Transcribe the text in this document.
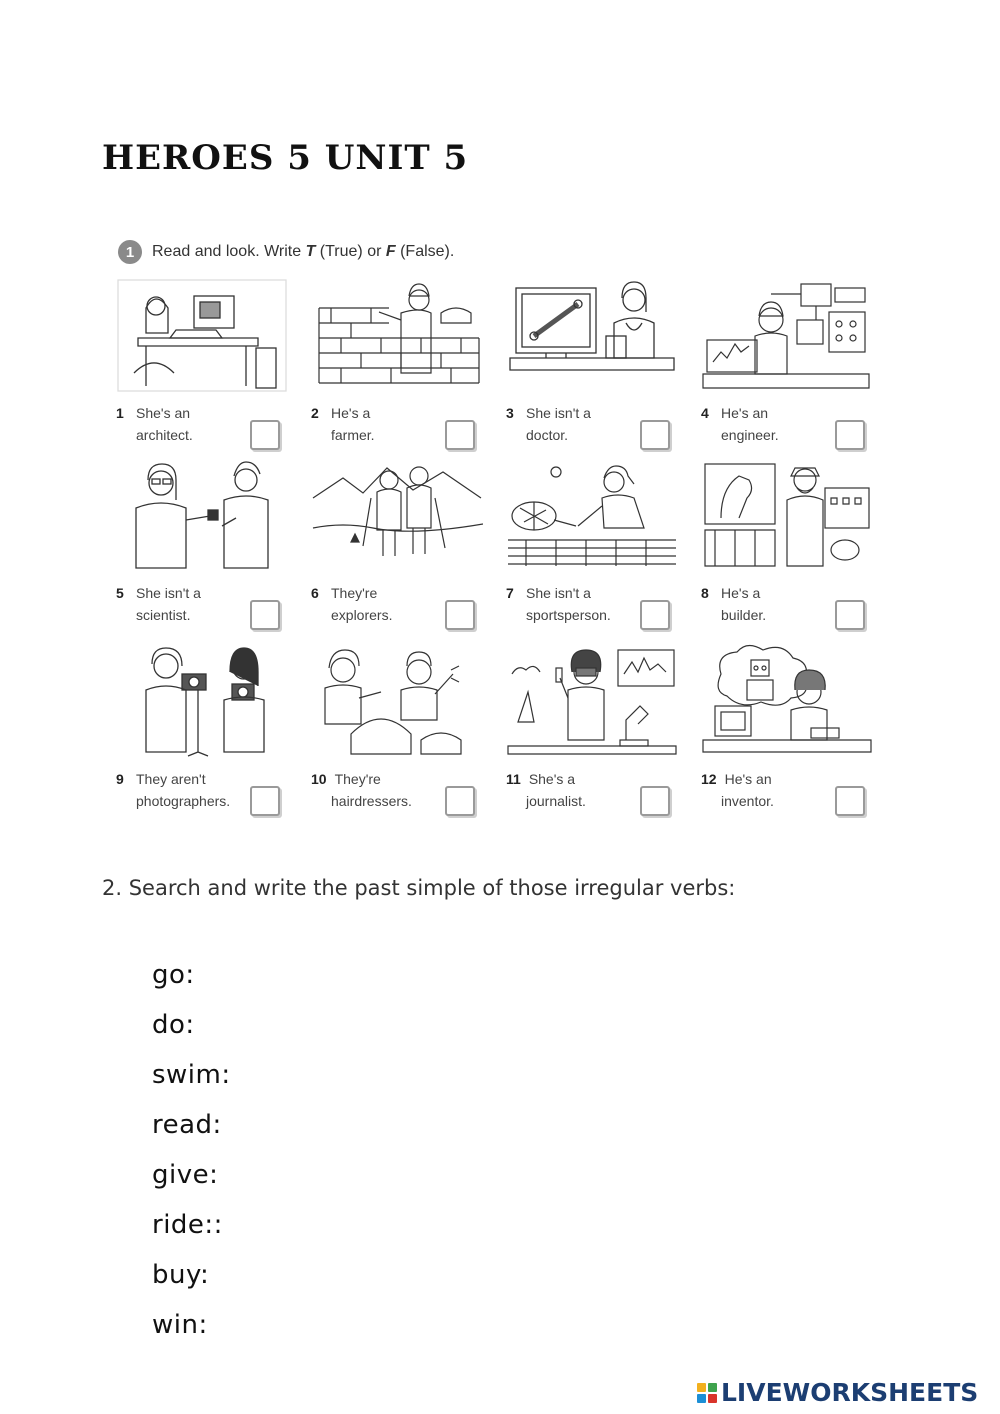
HEROES 5 UNIT 5
1	Read and look. Write T (True) or F (False).
1 She's an
architect.
2 He's a
farmer.
3 She isn't a
doctor.
4 He's an
engineer.
5 She isn't a
scientist.
6 They're
explorers.
7 She isn't a
sportsperson.
8 He's a
builder.
9 They aren't
photographers.
10 They're
hairdressers.
11 She's a
journalist.
12 He's an
inventor.
2. Search and write the past simple of those irregular verbs:
go:
do:
swim:
read:
give:
ride::
buy:
win:
LIVEWORKSHEETS
